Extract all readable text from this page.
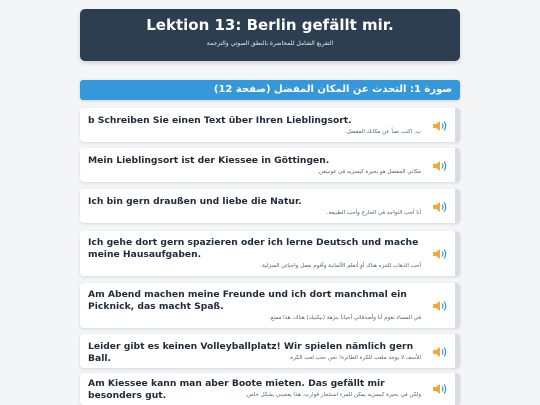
Lektion 13: Berlin gefällt mir.
التفريغ الشامل للمحاضرة بالنطق الصوتي والترجمة
صورة 1: التحدث عن المكان المفضل (صفحة 12)
b Schreiben Sie einen Text über Ihren Lieblingsort.
ب. اكتب نصاً عن مكانك المفضل.
Mein Lieblingsort ist der Kiessee in Göttingen.
مكاني المفضل هو بحيرة كيسزيه في غوتينغن.
Ich bin gern draußen und liebe die Natur.
أنا أحب التواجد في الخارج وأحب الطبيعة.
Ich gehe dort gern spazieren oder ich lerne Deutsch und mache meine Hausaufgaben.
أحب الذهاب للتنزه هناك أو أتعلم الألمانية وأقوم بعمل واجباتي المنزلية.
Am Abend machen meine Freunde und ich dort manchmal ein Picknick, das macht Spaß.
في المساء نقوم أنا وأصدقائي أحياناً بنزهة (بيكنيك) هناك، هذا ممتع.
Leider gibt es keinen Volleyballplatz! Wir spielen nämlich gern Ball.	للأسف لا يوجد ملعب للكرة الطائرة! نحن نحب لعب الكرة.
Am Kiessee kann man aber Boote mieten. Das gefällt mir besonders gut.	ولكن في بحيرة كيسزيه يمكن للمرء استئجار قوارب. هذا يعجبني بشكل خاص.
